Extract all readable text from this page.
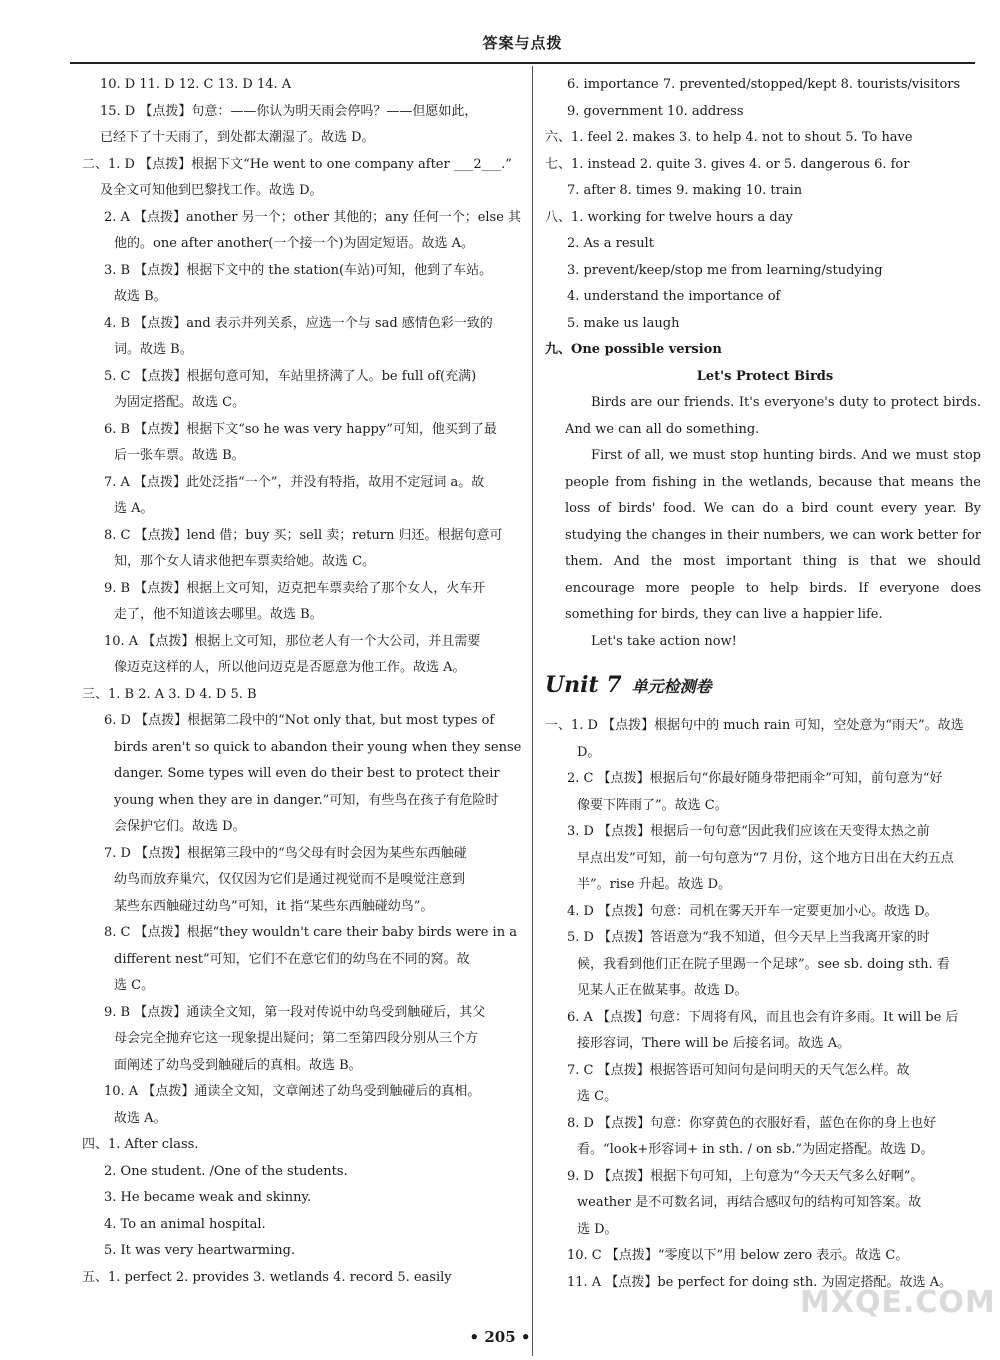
答案与点拨

10. D 11. D 12. C 13. D 14. A

15. D 【点拨】句意：——你认为明天雨会停吗？——但愿如此，

已经下了十天雨了，到处都太潮湿了。故选 D。

二、1. D 【点拨】根据下文“He went to one company after ___2___.”

及全文可知他到巴黎找工作。故选 D。

2. A 【点拨】another 另一个；other 其他的；any 任何一个；else 其

他的。one after another(一个接一个)为固定短语。故选 A。

3. B 【点拨】根据下文中的 the station(车站)可知，他到了车站。

故选 B。

4. B 【点拨】and 表示并列关系，应选一个与 sad 感情色彩一致的

词。故选 B。

5. C 【点拨】根据句意可知，车站里挤满了人。be full of(充满)

为固定搭配。故选 C。

6. B 【点拨】根据下文“so he was very happy”可知，他买到了最

后一张车票。故选 B。

7. A 【点拨】此处泛指“一个”，并没有特指，故用不定冠词 a。故

选 A。

8. C 【点拨】lend 借；buy 买；sell 卖；return 归还。根据句意可

知，那个女人请求他把车票卖给她。故选 C。

9. B 【点拨】根据上文可知，迈克把车票卖给了那个女人，火车开

走了，他不知道该去哪里。故选 B。

10. A 【点拨】根据上文可知，那位老人有一个大公司，并且需要

像迈克这样的人，所以他问迈克是否愿意为他工作。故选 A。

三、1. B 2. A 3. D 4. D 5. B

6. D 【点拨】根据第二段中的“Not only that, but most types of

birds aren't so quick to abandon their young when they sense

danger. Some types will even do their best to protect their

young when they are in danger.”可知，有些鸟在孩子有危险时

会保护它们。故选 D。

7. D 【点拨】根据第三段中的“鸟父母有时会因为某些东西触碰

幼鸟而放弃巢穴，仅仅因为它们是通过视觉而不是嗅觉注意到

某些东西触碰过幼鸟”可知，it 指“某些东西触碰幼鸟”。

8. C 【点拨】根据“they wouldn't care their baby birds were in a

different nest”可知，它们不在意它们的幼鸟在不同的窝。故

选 C。

9. B 【点拨】通读全文知，第一段对传说中幼鸟受到触碰后，其父

母会完全抛弃它这一现象提出疑问；第二至第四段分别从三个方

面阐述了幼鸟受到触碰后的真相。故选 B。

10. A 【点拨】通读全文知，文章阐述了幼鸟受到触碰后的真相。

故选 A。

四、1. After class.

2. One student. /One of the students.

3. He became weak and skinny.

4. To an animal hospital.

5. It was very heartwarming.

五、1. perfect 2. provides 3. wetlands 4. record 5. easily

6. importance 7. prevented/stopped/kept 8. tourists/visitors

9. government 10. address

六、1. feel 2. makes 3. to help 4. not to shout 5. To have

七、1. instead 2. quite 3. gives 4. or 5. dangerous 6. for

7. after 8. times 9. making 10. train

八、1. working for twelve hours a day

2. As a result

3. prevent/keep/stop me from learning/studying

4. understand the importance of

5. make us laugh

九、One possible version

Let's Protect Birds

Birds are our friends. It's everyone's duty to protect birds. And we can all do something.

First of all, we must stop hunting birds. And we must stop people from fishing in the wetlands, because that means the loss of birds' food. We can do a bird count every year. By studying the changes in their numbers, we can work better for them. And the most important thing is that we should encourage more people to help birds. If everyone does something for birds, they can live a happier life.

Let's take action now!

Unit 7 单元检测卷

一、1. D 【点拨】根据句中的 much rain 可知，空处意为“雨天”。故选

D。

2. C 【点拨】根据后句“你最好随身带把雨伞”可知，前句意为“好

像要下阵雨了”。故选 C。

3. D 【点拨】根据后一句句意“因此我们应该在天变得太热之前

早点出发”可知，前一句句意为“7 月份，这个地方日出在大约五点

半”。rise 升起。故选 D。

4. D 【点拨】句意：司机在雾天开车一定要更加小心。故选 D。

5. D 【点拨】答语意为“我不知道，但今天早上当我离开家的时

候，我看到他们正在院子里踢一个足球”。see sb. doing sth. 看

见某人正在做某事。故选 D。

6. A 【点拨】句意：下周将有风，而且也会有许多雨。It will be 后

接形容词，There will be 后接名词。故选 A。

7. C 【点拨】根据答语可知问句是问明天的天气怎么样。故

选 C。

8. D 【点拨】句意：你穿黄色的衣服好看，蓝色在你的身上也好

看。“look+形容词+ in sth. / on sb.”为固定搭配。故选 D。

9. D 【点拨】根据下句可知，上句意为“今天天气多么好啊”。

weather 是不可数名词，再结合感叹句的结构可知答案。故

选 D。

10. C 【点拨】“零度以下”用 below zero 表示。故选 C。

11. A 【点拨】be perfect for doing sth. 为固定搭配。故选 A。

• 205 •
MXQE.COM
